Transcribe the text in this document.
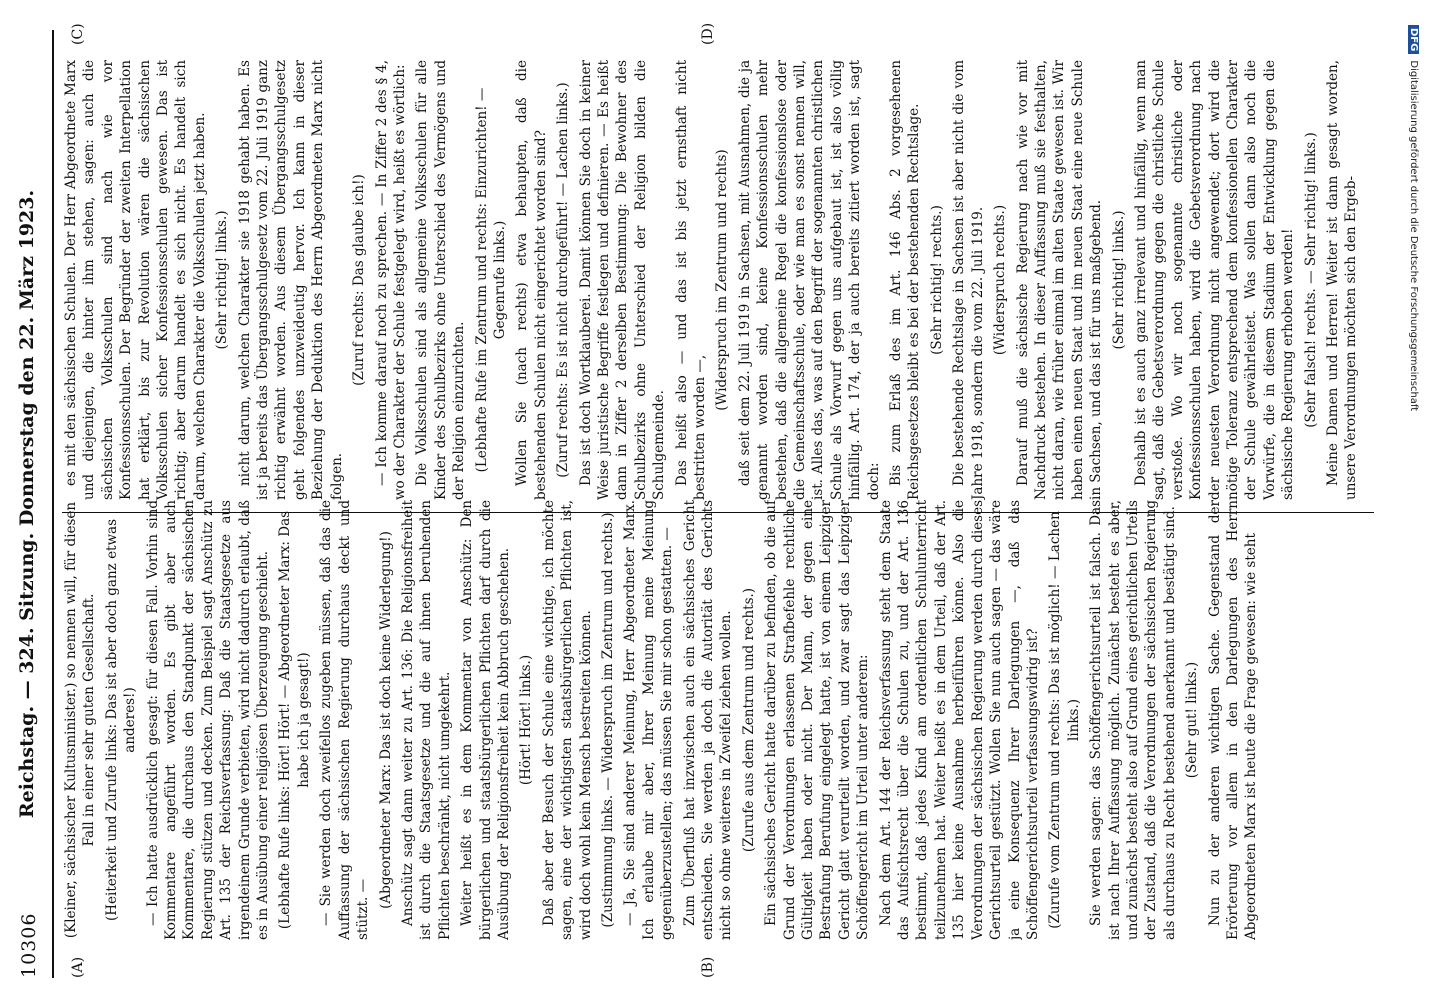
10306
Reichstag. — 324. Sitzung. Donnerstag den 22. März 1923.
(A)	(B)
(C)	(D)

(Kleiner, sächsischer Kultusminister.) so nennen will, für diesen Fall in einer sehr guten Gesellschaft. (Heiterkeit und Zurufe links: Das ist aber doch ganz etwas anderes!) — Ich hatte ausdrücklich gesagt: für diesen Fall. Vorhin sind Kommentare angeführt worden. Es gibt aber auch Kommentare, die durchaus den Standpunkt der sächsischen Regierung stützen und decken. Zum Beispiel sagt Anschütz zu Art. 135 der Reichsverfassung: Daß die Staatsgesetze aus irgendeinem Grunde verbieten, wird nicht dadurch erlaubt, daß es in Ausübung einer religiösen Überzeugung geschieht. (Lebhafte Rufe links: Hört! Hört! — Abgeordneter Marx: Das habe ich ja gesagt!) — Sie werden doch zweifellos zugeben müssen, daß das die Auffassung der sächsischen Regierung durchaus deckt und stützt. —

(Abgeordneter Marx: Das ist doch keine Widerlegung!) Anschütz sagt dann weiter zu Art. 136: Die Religionsfreiheit ist durch die Staatsgesetze und die auf ihnen beruhenden Pflichten beschränkt, nicht umgekehrt. Weiter heißt es in dem Kommentar von Anschütz: Den bürgerlichen und staatsbürgerlichen Pflichten darf durch die Ausübung der Religionsfreiheit kein Abbruch geschehen. (Hört! Hört! links.) Daß aber der Besuch der Schule eine wichtige, ich möchte sagen, eine der wichtigsten staatsbürgerlichen Pflichten ist, wird doch wohl kein Mensch bestreiten können. (Zustimmung links. — Widerspruch im Zentrum und rechts.) — Ja, Sie sind anderer Meinung, Herr Abgeordneter Marx. Ich erlaube mir aber, Ihrer Meinung meine Meinung gegenüberzustellen; das müssen Sie mir schon gestatten. — Zum Überfluß hat inzwischen auch ein sächsisches Gericht entschieden. Sie werden ja doch die Autorität des Gerichts nicht so ohne weiteres in Zweifel ziehen wollen. (Zurufe aus dem Zentrum und rechts.) Ein sächsisches Gericht hatte darüber zu befinden, ob die auf Grund der Verordnungen erlassenen Strafbefehle rechtliche Gültigkeit haben oder nicht. Der Mann, der gegen eine Bestrafung Berufung eingelegt hatte, ist von einem Leipziger Gericht glatt verurteilt worden, und zwar sagt das Leipziger Schöffengericht im Urteil unter anderem: Nach dem Art. 144 der Reichsverfassung steht dem Staate das Aufsichtsrecht über die Schulen zu, und der Art. 136 bestimmt, daß jedes Kind am ordentlichen Schulunterricht teilzunehmen hat. Weiter heißt es in dem Urteil, daß der Art. 135 hier keine Ausnahme herbeiführen könne. Also die Verordnungen der sächsischen Regierung werden durch dieses Gerichtsurteil gestützt. Wollen Sie nun auch sagen — das wäre ja eine Konsequenz Ihrer Darlegungen —, daß das Schöffengerichtsurteil verfassungswidrig ist? (Zurufe vom Zentrum und rechts: Das ist möglich! — Lachen links.) Sie werden sagen: das Schöffengerichtsurteil ist falsch. Das ist nach Ihrer Auffassung möglich. Zunächst besteht es aber, und zunächst besteht also auf Grund eines gerichtlichen Urteils der Zustand, daß die Verordnungen der sächsischen Regierung als durchaus zu Recht bestehend anerkannt und bestätigt sind. (Sehr gut! links.) Nun zu der anderen wichtigen Sache. Gegenstand der Erörterung vor allem in den Darlegungen des Herrn Abgeordneten Marx ist heute die Frage gewesen: wie steht

es mit den sächsischen Schulen. Der Herr Abgeordnete Marx und diejenigen, die hinter ihm stehen, sagen: auch die sächsischen Volksschulen sind nach wie vor Konfessionsschulen. Der Begründer der zweiten Interpellation hat erklärt, bis zur Revolution wären die sächsischen Volksschulen sicher Konfessionsschulen gewesen. Das ist richtig; aber darum handelt es sich nicht. Es handelt sich darum, welchen Charakter die Volksschulen jetzt haben. (Sehr richtig! links.) nicht darum, welchen Charakter sie 1918 gehabt haben. Es ist ja bereits das Übergangsschulgesetz vom 22. Juli 1919 ganz richtig erwähnt worden. Aus diesem Übergangsschulgesetz geht folgendes unzweideutig hervor. Ich kann in dieser Beziehung der Deduktion des Herrn Abgeordneten Marx nicht folgen.

(Zuruf rechts: Das glaube ich!) — Ich komme darauf noch zu sprechen. — In Ziffer 2 des § 4, wo der Charakter der Schule festgelegt wird, heißt es wörtlich: Die Volksschulen sind als allgemeine Volksschulen für alle Kinder des Schulbezirks ohne Unterschied des Vermögens und der Religion einzurichten. (Lebhafte Rufe im Zentrum und rechts: Einzurichten! — Gegenrufe links.) Wollen Sie (nach rechts) etwa behaupten, daß die bestehenden Schulen nicht eingerichtet worden sind? (Zuruf rechts: Es ist nicht durchgeführt! — Lachen links.) Das ist doch Wortklauberei. Damit können Sie doch in keiner Weise juristische Begriffe festlegen und definieren. — Es heißt dann in Ziffer 2 derselben Bestimmung: Die Bewohner des Schulbezirks ohne Unterschied der Religion bilden die Schulgemeinde. Das heißt also — und das ist bis jetzt ernsthaft nicht bestritten worden —,

(Widerspruch im Zentrum und rechts) daß seit dem 22. Juli 1919 in Sachsen, mit Ausnahmen, die ja genannt worden sind, keine Konfessionsschulen mehr bestehen, daß die allgemeine Regel die konfessionslose oder die Gemeinschaftsschule, oder wie man es sonst nennen will, ist. Alles das, was auf den Begriff der sogenannten christlichen Schule als Vorwurf gegen uns aufgebaut ist, ist also völlig hinfällig. Art. 174, der ja auch bereits zitiert worden ist, sagt doch: Bis zum Erlaß des im Art. 146 Abs. 2 vorgesehenen Reichsgesetzes bleibt es bei der bestehenden Rechtslage. (Sehr richtig! rechts.) Die bestehende Rechtslage in Sachsen ist aber nicht die vom Jahre 1918, sondern die vom 22. Juli 1919. (Widerspruch rechts.) Darauf muß die sächsische Regierung nach wie vor mit Nachdruck bestehen. In dieser Auffassung muß sie festhalten, nicht daran, wie früher einmal im alten Staate gewesen ist. Wir haben einen neuen Staat und im neuen Staat eine neue Schule in Sachsen, und das ist für uns maßgebend. (Sehr richtig! links.) Deshalb ist es auch ganz irrelevant und hinfällig, wenn man sagt, daß die Gebetsverordnung gegen die christliche Schule verstoße. Wo wir noch sogenannte christliche oder Konfessionsschulen haben, wird die Gebetsverordnung nach der neuesten Verordnung nicht angewendet; dort wird die nötige Toleranz entsprechend dem konfessionellen Charakter der Schule gewährleistet. Was sollen dann also noch die Vorwürfe, die in diesem Stadium der Entwicklung gegen die sächsische Regierung erhoben werden! (Sehr falsch! rechts. — Sehr richtig! links.) Meine Damen und Herren! Weiter ist dann gesagt worden, unsere Verordnungen möchten sich den Ergeb-

DFGDigitalisierung gefördert durch die Deutsche Forschungsgemeinschaft
